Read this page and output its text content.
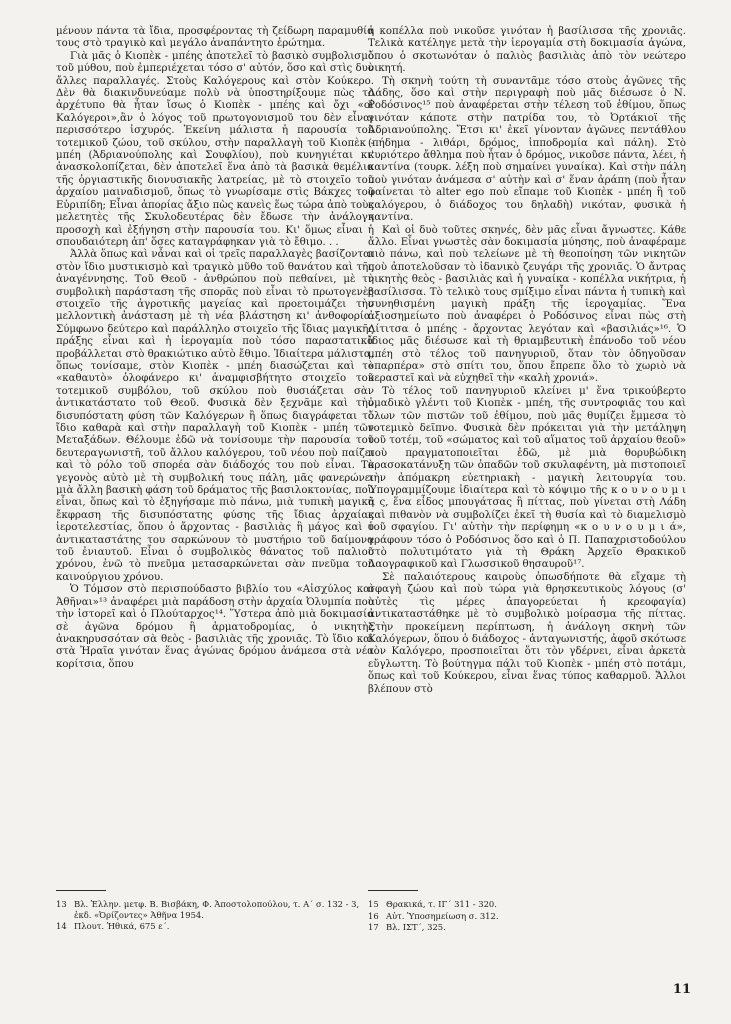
μένουν πάντα τὰ ἴδια, προσφέροντας τὴ ζείδωρη παραμυθία τους στὸ τραγικὸ καὶ μεγάλο ἀναπάντητο ἐρώτημα.

Γιὰ μᾶς ὁ Κιοπὲκ - μπέης ἀποτελεῖ τὸ βασικὸ συμβολισμὸ τοῦ μύθου, ποὺ ἐμπεριέχεται τόσο σ' αὐτόν, ὅσο καὶ στὶς δυὸ ἄλλες παραλλαγές. Στοὺς Καλόγερους καὶ στὸν Κούκερο. Δὲν θὰ διακινδυνεύαμε πολὺ νὰ ὑποστηρίξουμε πὼς τὸ ἀρχέτυπο θὰ ἦταν ἴσως ὁ Κιοπὲκ - μπέης καὶ ὄχι «οἱ Καλόγεροι»,ἂν ὁ λόγος τοῦ πρωτογονισμοῦ του δὲν εἶναι περισσότερο ἰσχυρός. Ἐκείνη μάλιστα ἡ παρουσία τοῦ τοτεμικοῦ ζώου, τοῦ σκύλου, στὴν παραλλαγὴ τοῦ Κιοπὲκ - μπέη (Ἀδριανούπολης καὶ Σουφλίου), ποὺ κυνηγιέται κι' ἀνασκολοπίζεται, δὲν ἀποτελεῖ ἕνα ἀπὸ τὰ βασικὰ θεμέλια τῆς ὀργιαστικῆς διονυσιακῆς λατρείας, μὲ τὸ στοιχεῖο τοῦ ἀρχαίου μαιναδισμοῦ, ὅπως τὸ γνωρίσαμε στὶς Βάκχες τοῦ Εὐριπίδη; Εἶναι ἀπορίας ἄξιο πὼς κανεὶς ἕως τώρα ἀπὸ τοὺς μελετητὲς τῆς Σκυλοδευτέρας δὲν ἔδωσε τὴν ἀνάλογη προσοχὴ καὶ ἐξήγηση στὴν παρουσία του. Κι' ὅμως εἶναι ἡ σπουδαιότερη ἀπ' ὅσες καταγράφηκαν γιὰ τὸ ἔθιμο. . .

Ἀλλὰ ὅπως καὶ νἆναι καὶ οἱ τρεῖς παραλλαγὲς βασίζονται στὸν ἴδιο μυστικισμὸ καὶ τραγικὸ μῦθο τοῦ θανάτου καὶ τῆς ἀναγέννησης. Τοῦ Θεοῦ - ἀνθρώπου ποὺ πεθαίνει, μὲ τὴ συμβολικὴ παράσταση τῆς σπορᾶς ποὺ εἶναι τὸ πρωτογενὲς στοιχεῖο τῆς ἀγροτικῆς μαγείας καὶ προετοιμάζει τὴν μελλοντικὴ ἀνάσταση μὲ τὴ νέα βλάστηση κι' ἀνθοφορία. Σύμφωνο δεύτερο καὶ παράλληλο στοιχεῖο τῆς ἴδιας μαγικῆς πράξης εἶναι καὶ ἡ ἱερογαμία ποὺ τόσο παραστατικὰ προβάλλεται στὸ θρακιώτικο αὐτὸ ἔθιμο. Ἰδιαίτερα μάλιστα, ὅπως τονίσαμε, στὸν Κιοπὲκ - μπέη διασώζεται καὶ τὸ «καθαυτὸ» ὁλοφάνερο κι' ἀναμφισβήτητο στοιχεῖο τοῦ τοτεμικοῦ συμβόλου, τοῦ σκύλου ποὺ θυσιάζεται σὰν ἀντικατάστατο τοῦ Θεοῦ. Φυσικὰ δὲν ξεχνᾶμε καὶ τὴν δισυπόστατη φύση τῶν Καλόγερων ἢ ὅπως διαγράφεται τὸ ἴδιο καθαρὰ καὶ στὴν παραλλαγὴ τοῦ Κιοπὲκ - μπέη τῶν Μεταξάδων. Θέλουμε ἐδῶ νὰ τονίσουμε τὴν παρουσία τοῦ δευτεραγωνιστῆ, τοῦ ἄλλου καλόγερου, τοῦ νέου ποὺ παίζει καὶ τὸ ρόλο τοῦ σπορέα σὰν διάδοχός του ποὺ εἶναι. Τὸ γεγονὸς αὐτὸ μὲ τὴ συμβολική τους πάλη, μᾶς φανερώνει μιὰ ἄλλη βασικὴ φάση τοῦ δράματος τῆς βασιλοκτονίας, ποὺ εἶναι, ὅπως καὶ τὸ ἐξηγήσαμε πιὸ πάνω, μιὰ τυπικὴ μαγικὴ ἔκφραση τῆς δισυπόστατης φύσης τῆς ἴδιας ἀρχαίας ἱεροτελεστίας, ὅπου ὁ ἄρχοντας - βασιλιὰς ἢ μάγος καὶ ὁ ἀντικαταστάτης του σαρκώνουν τὸ μυστήριο τοῦ δαίμονα τοῦ ἐνιαυτοῦ. Εἶναι ὁ συμβολικὸς θάνατος τοῦ παλιοῦ χρόνου, ἐνῶ τὸ πνεῦμα μετασαρκώνεται σὰν πνεῦμα τοῦ καινούργιου χρόνου.

Ὁ Τόμσον στὸ περισπούδαστο βιβλίο του «Αἰσχύλος καὶ Ἀθῆναι»¹³ ἀναφέρει μιὰ παράδοση στὴν ἀρχαία Ὀλυμπία ποὺ τὴν ἱστορεῖ καὶ ὁ Πλούταρχος¹⁴. Ὕστερα ἀπὸ μιὰ δοκιμασία σὲ ἀγῶνα δρόμου ἢ ἁρματοδρομίας, ὁ νικητὴς ἀνακηρυσσόταν σὰ θεὸς - βασιλιὰς τῆς χρονιᾶς. Τὸ ἴδιο καὶ στὰ Ἡραῖα γινόταν ἕνας ἀγώνας δρόμου ἀνάμεσα στὰ νέα κορίτσια, ὅπου

ἡ κοπέλλα ποὺ νικοῦσε γινόταν ἡ βασίλισσα τῆς χρονιᾶς. Τελικὰ κατέληγε μετὰ τὴν ἱερογαμία στὴ δοκιμασία ἀγώνα, ὅπου ὁ σκοτωνόταν ὁ παλιὸς βασιλιὰς ἀπὸ τὸν νεώτερο νικητή.

Τὴ σκηνὴ τούτη τὴ συναντᾶμε τόσο στοὺς ἀγῶνες τῆς Λάδης, ὅσο καὶ στὴν περιγραφὴ ποὺ μᾶς διέσωσε ὁ Ν. Ροδόσινος¹⁵ ποὺ ἀναφέρεται στὴν τέλεση τοῦ ἐθίμου, ὅπως γινόταν κάποτε στὴν πατρίδα του, τὸ Ὀρτάκιοϊ τῆς Ἀδριανούπολης. Ἔτσι κι' ἐκεῖ γίνονταν ἀγῶνες πεντάθλου (πήδημα - λιθάρι, δρόμος, ἱπποδρομία καὶ πάλη). Στὸ κυριότερο ἄθλημα ποὺ ἦταν ὁ δρόμος, νικοῦσε πάντα, λέει, ἡ καντίνα (τουρκ. λέξη ποὺ σημαίνει γυναίκα). Καὶ στὴν πάλη ποὺ γινόταν ἀνάμεσα σ' αὐτὴν καὶ σ' ἕναν ἀράπη (ποὺ ἦταν φαίνεται τὸ alter ego ποὺ εἴπαμε τοῦ Κιοπὲκ - μπέη ἢ τοῦ καλόγερου, ὁ διάδοχος του δηλαδὴ) νικόταν, φυσικὰ ἡ καντίνα.

Καὶ οἱ δυὸ τοῦτες σκηνές, δὲν μᾶς εἶναι ἄγνωστες. Κάθε ἄλλο. Εἶναι γνωστὲς σὰν δοκιμασία μύησης, ποὺ ἀναφέραμε πιὸ πάνω, καὶ ποὺ τελείωνε μὲ τὴ θεοποίηση τῶν νικητῶν ποὺ ἀποτελοῦσαν τὸ ἰδανικὸ ζευγάρι τῆς χρονιᾶς. Ὁ ἄντρας νικητὴς θεὸς - βασιλιὰς καὶ ἡ γυναίκα - κοπέλλα νικήτρια, ἡ βασίλισσα. Τὸ τελικὸ τους σμίξιμο εἶναι πάντα ἡ τυπικὴ καὶ συνηθισμένη μαγικὴ πράξη τῆς ἱερογαμίας. Ἕνα ἀξιοσημείωτο ποὺ ἀναφέρει ὁ Ροδόσινος εἶναι πὼς στὴ Λίτιτσα ὁ μπέης - ἄρχοντας λεγόταν καὶ «βασιλιάς»¹⁶. Ὁ ἴδιος μᾶς διέσωσε καὶ τὴ θριαμβευτικὴ ἐπάνοδο τοῦ νέου μπέη στὸ τέλος τοῦ πανηγυριοῦ, ὅταν τὸν ὁδηγοῦσαν «παρπέρα» στὸ σπίτι του, ὅπου ἔπρεπε ὅλο τὸ χωριὸ νὰ κεραστεῖ καὶ νὰ εὐχηθεῖ τὴν «καλὴ χρονιά».

Τὸ τέλος τοῦ πανηγυριοῦ κλείνει μ' ἕνα τρικούβερτο ὁμαδικὸ γλέντι τοῦ Κιοπὲκ - μπέη, τῆς συντροφιᾶς του καὶ ὅλων τῶν πιστῶν τοῦ ἐθίμου, ποὺ μᾶς θυμίζει ἔμμεσα τὸ τοτεμικὸ δεῖπνο. Φυσικὰ δὲν πρόκειται γιὰ τὴν μετάληψη τοῦ τοτέμ, τοῦ «σώματος καὶ τοῦ αἵματος τοῦ ἀρχαίου θεοῦ» ποὺ πραγματοποιεῖται ἐδῶ, μὲ μιὰ θορυβώδικη κρασοκατάνυξη τῶν ὀπαδῶν τοῦ σκυλαφέντη, μὰ πιστοποιεῖ τὴν ἀπόμακρη εὐετηριακὴ - μαγικὴ λειτουργία του. Ὑπογραμμίζουμε ἰδιαίτερα καὶ τὸ κόψιμο τῆς κ ο υ ν ο υ μ ι ᾶ ς, ἕνα εἶδος μπουγάτσας ἢ πίττας, ποὺ γίνεται στὴ Λάδη καὶ πιθανὸν νὰ συμβολίζει ἐκεῖ τὴ θυσία καὶ τὸ διαμελισμὸ τοῦ σφαγίου. Γι' αὐτὴν τὴν περίφημη «κ ο υ ν ο υ μ ι ά», γράφουν τόσο ὁ Ροδόσινος ὅσο καὶ ὁ Π. Παπαχριστοδούλου στὸ πολυτιμότατο γιὰ τὴ Θράκη Ἀρχεῖο Θρακικοῦ Λαογραφικοῦ καὶ Γλωσσικοῦ θησαυροῦ¹⁷.

Σὲ παλαιότερους καιροὺς ὁπωσδήποτε θὰ εἴχαμε τὴ σφαγὴ ζώου καὶ ποὺ τώρα γιὰ θρησκευτικοὺς λόγους (σ' αὐτὲς τὶς μέρες ἀπαγορεύεται ἡ κρεοφαγία) ἀντικαταστάθηκε μὲ τὸ συμβολικὸ μοίρασμα τῆς πίττας. Στὴν προκείμενη περίπτωση, ἡ ἀνάλογη σκηνὴ τῶν Καλόγερων, ὅπου ὁ διάδοχος - ἀνταγωνιστής, ἀφοῦ σκότωσε τὸν Καλόγερο, προσποιεῖται ὅτι τὸν γδέρνει, εἶναι ἀρκετὰ εὔγλωττη. Τὸ βούτηγμα πάλι τοῦ Κιοπὲκ - μπέη στὸ ποτάμι, ὅπως καὶ τοῦ Κούκερου, εἶναι ἕνας τύπος καθαρμοῦ. Ἄλλοι βλέπουν στὸ

13 Βλ. Ἑλλην. μετφ. Β. Βισβάκη, Φ. Ἀποστολοπούλου, τ. Α΄ σ. 132 - 3, ἐκδ. «Ὀρίζοντες» Ἀθῆνα 1954.
14 Πλουτ. Ἠθικά, 675 ε΄.
15 Θρακικά, τ. ΙΓ΄ 311 - 320.
16 Αὐτ. Ὑποσημείωση σ. 312.
17 Βλ. ΙΣΤ΄, 325.
11
